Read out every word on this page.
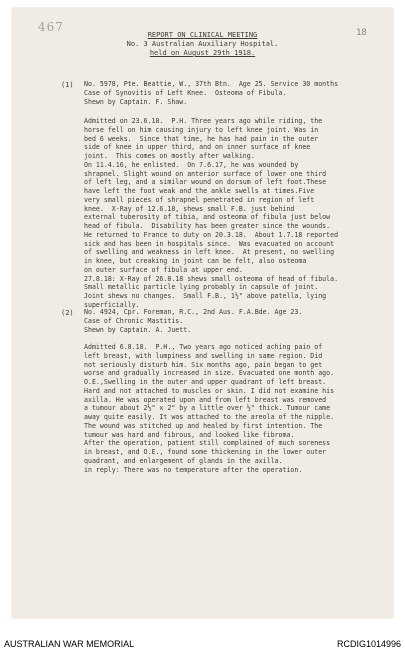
467	18
REPORT ON CLINICAL MEETING
No. 3 Australian Auxiliary Hospital.
held on August 29th 1918.
(1) No. 5978, Pte. Beattie, W., 37th Btn.  Age 25. Service 30 months
Case of Synovitis of Left Knee.  Osteoma of Fibula.
Shewn by Captain. F. Shaw.
Admitted on 23.6.18.  P.H. Three years ago while riding, the
horse fell on him causing injury to left knee joint. Was in
bed 6 weeks.  Since that time, he has had pain in the outer
side of knee in upper third, and on inner surface of knee
joint.  This comes on mostly after walking.
On 11.4.16, he enlisted.  On 7.6.17, he was wounded by
shrapnel. Slight wound on anterior surface of lower one third
of left leg, and a similar wound on dorsum of left foot.These
have left the foot weak and the ankle swells at times.Five
very small pieces of shrapnel penetrated in region of left
knee.  X-Ray of 12.6.18, shews small F.B. just behind
external tuberosity of tibia, and osteoma of fibula just below
head of fibula.  Disability has been greater since the wounds.
He returned to France to duty on 20.3.18.  About 1.7.18 reported
sick and has been in hospitals since.  Was evacuated on account
of swelling and weakness in left knee.  At present, no swelling
in knee, but creaking in joint can be felt, also osteoma
on outer surface of fibula at upper end.
27.8.18: X-Ray of 26.8.18 shews small osteoma of head of fibula.
Small metallic particle lying probably in capsule of joint.
Joint shews no changes.  Small F.B., 1½" above patella, lying
superficially.
(2) No. 4924, Cpr. Foreman, R.C., 2nd Aus. F.A.Bde. Age 23.
Case of Chronic Mastitis.
Shewn by Captain. A. Juett.
Admitted 6.8.18.  P.H., Two years ago noticed aching pain of
left breast, with lumpiness and swelling in same region. Did
not seriously disturb him. Six months ago, pain began to get
worse and gradually increased in size. Evacuated one month ago.
O.E.,Swelling in the outer and upper quadrant of left breast.
Hard and not attached to muscles or skin. I did not examine his
axilla. He was operated upon and from left breast was removed
a tumour about 2½" x 2" by a little over ½" thick. Tumour came
away quite easily. It was attached to the areola of the nipple.
The wound was stitched up and healed by first intention. The
tumour was hard and fibrous, and looked like fibroma.
After the operation, patient still complained of much soreness
in breast, and O.E., found some thickening in the lower outer
quadrant, and enlargement of glands in the axilla.
in reply: There was no temperature after the operation.
AUSTRALIAN WAR MEMORIAL	RCDIG1014996
